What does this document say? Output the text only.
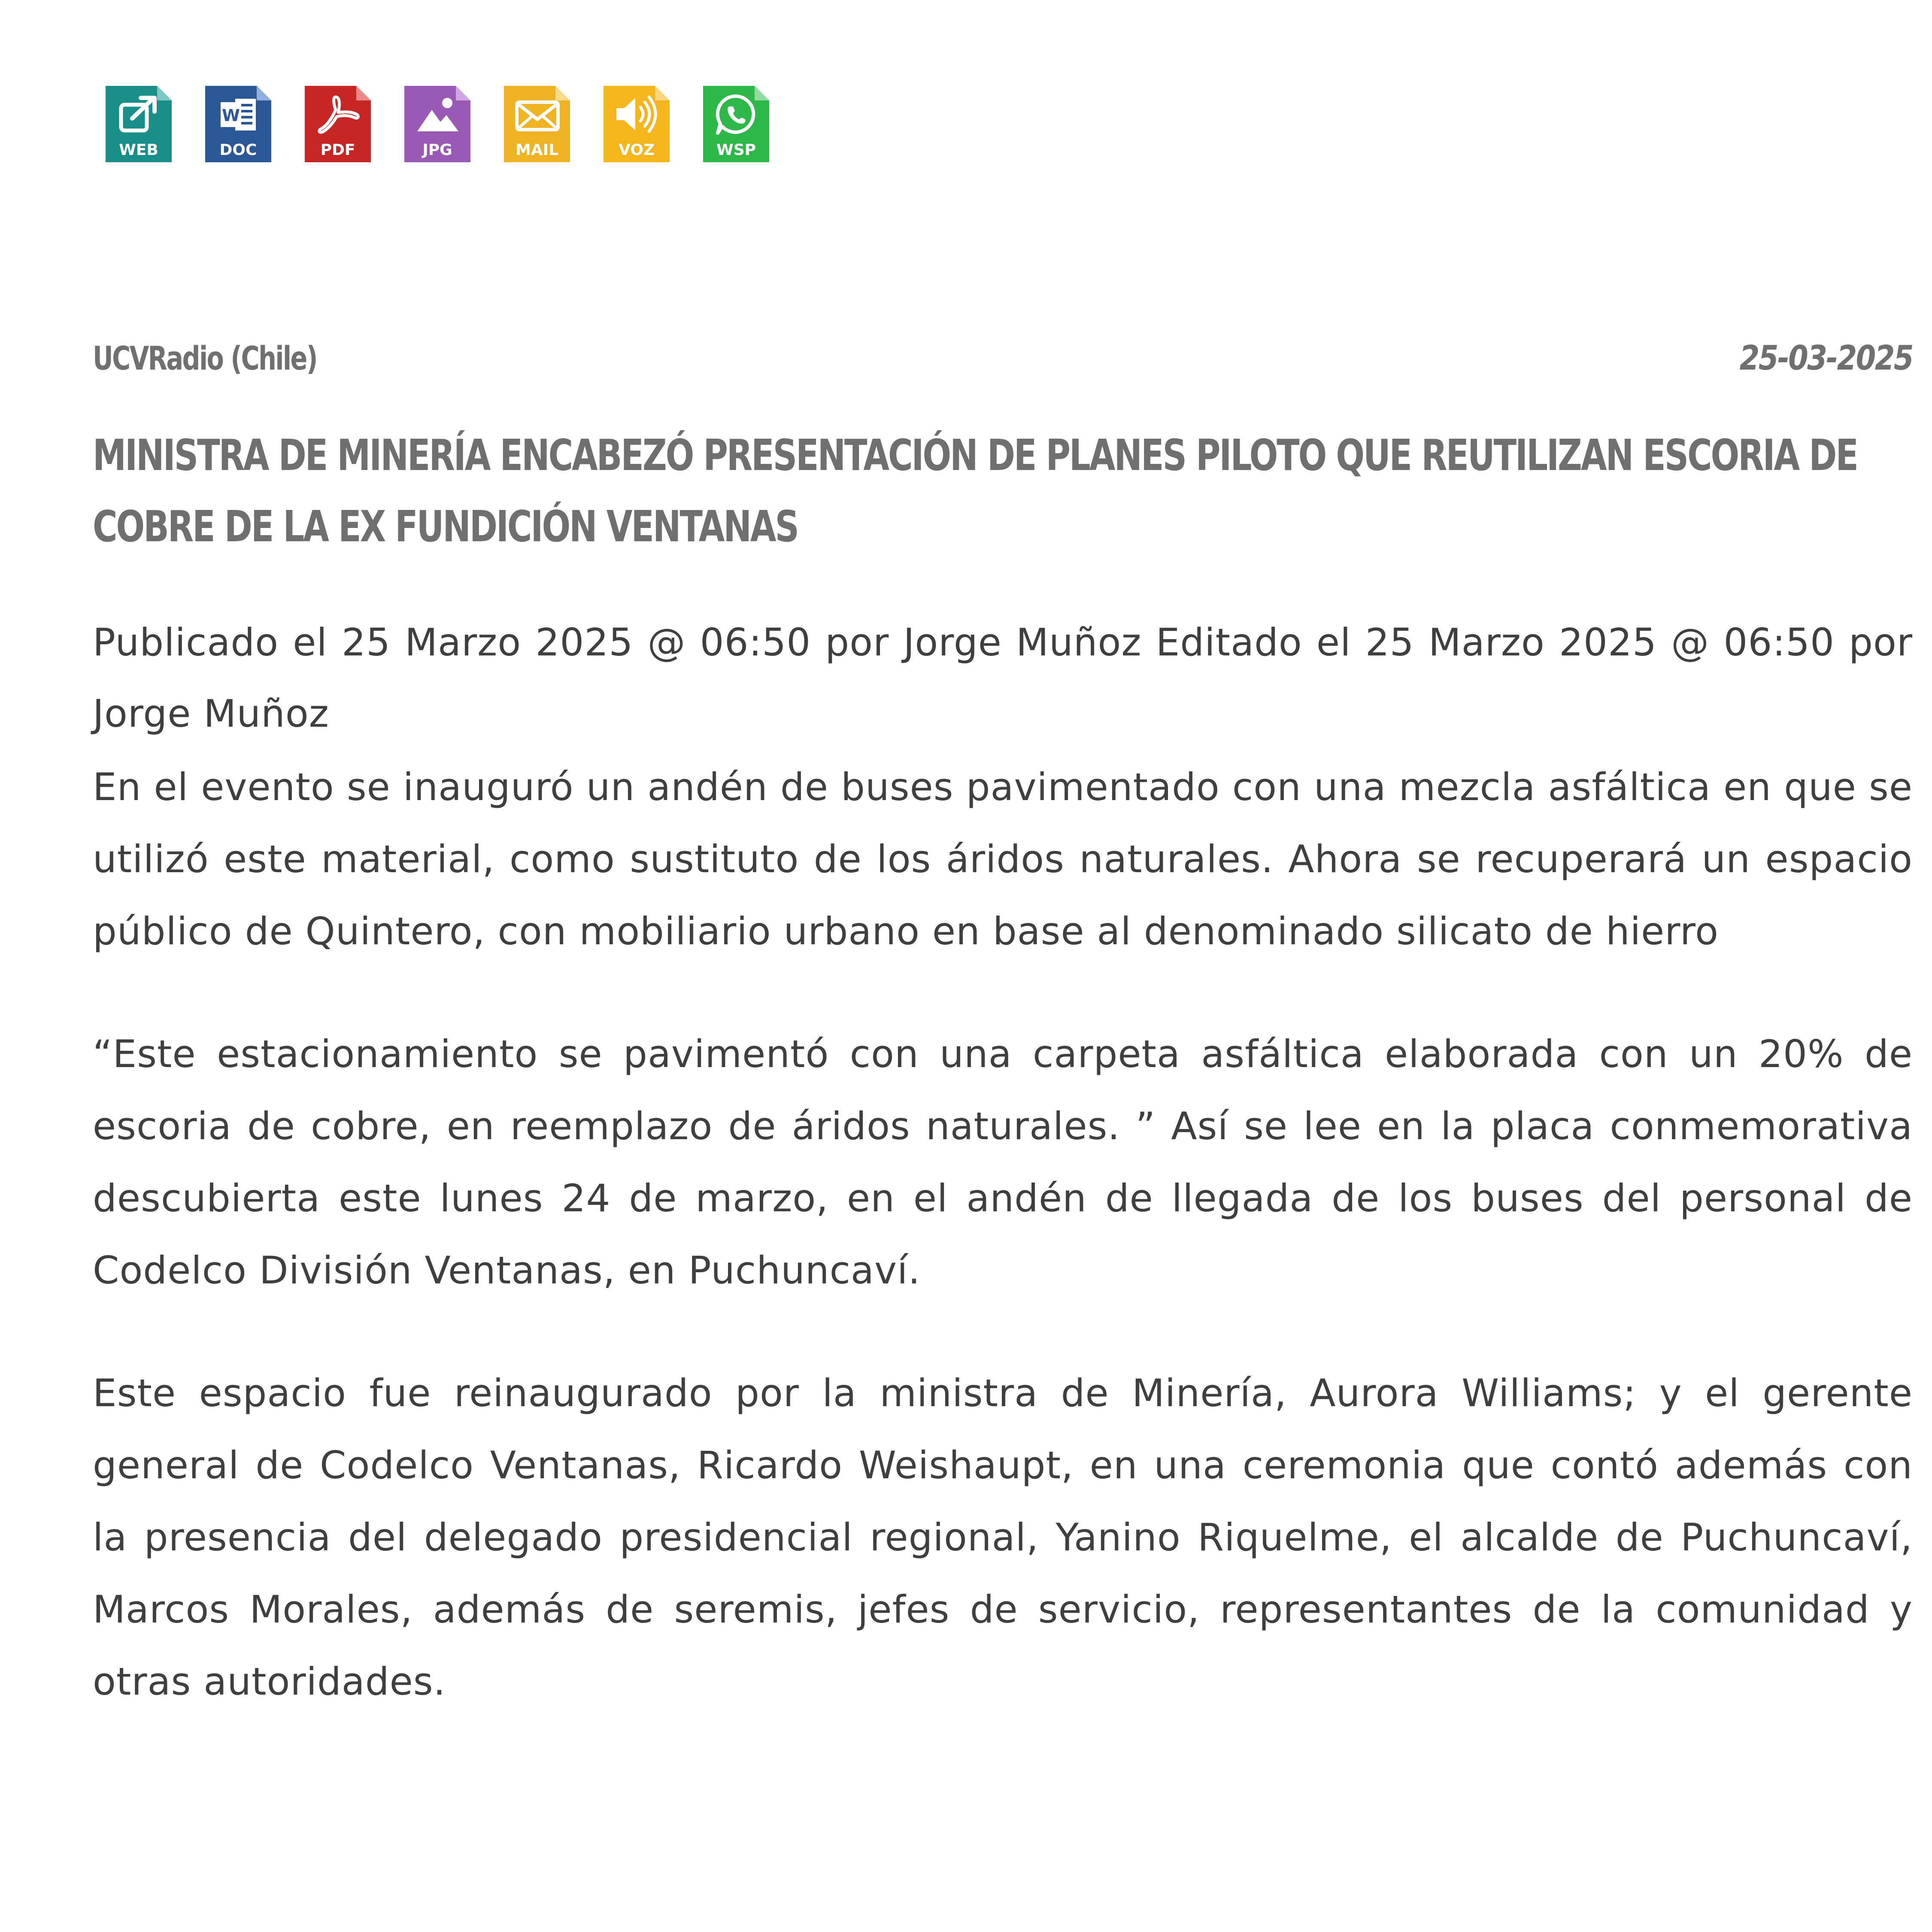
WEB
W
DOC	PDF	JPG	MAIL	VOZ	WSP
UCVRadio (Chile)	25-03-2025
MINISTRA DE MINERÍA ENCABEZÓ PRESENTACIÓN DE PLANES PILOTO QUE REUTILIZAN ESCORIA DE COBRE DE LA EX FUNDICIÓN VENTANAS
Publicado el 25 Marzo 2025 @ 06:50 por Jorge Muñoz Editado el 25 Marzo 2025 @ 06:50 por Jorge Muñoz

En el evento se inauguró un andén de buses pavimentado con una mezcla asfáltica en que se utilizó este material, como sustituto de los áridos naturales. Ahora se recuperará un espacio público de Quintero, con mobiliario urbano en base al denominado silicato de hierro

“Este estacionamiento se pavimentó con una carpeta asfáltica elaborada con un 20% de escoria de cobre, en reemplazo de áridos naturales. ” Así se lee en la placa conmemorativa descubierta este lunes 24 de marzo, en el andén de llegada de los buses del personal de Codelco División Ventanas, en Puchuncaví.

Este espacio fue reinaugurado por la ministra de Minería, Aurora Williams; y el gerente general de Codelco Ventanas, Ricardo Weishaupt, en una ceremonia que contó además con la presencia del delegado presidencial regional, Yanino Riquelme, el alcalde de Puchuncaví, Marcos Morales, además de seremis, jefes de servicio, representantes de la comunidad y otras autoridades.
